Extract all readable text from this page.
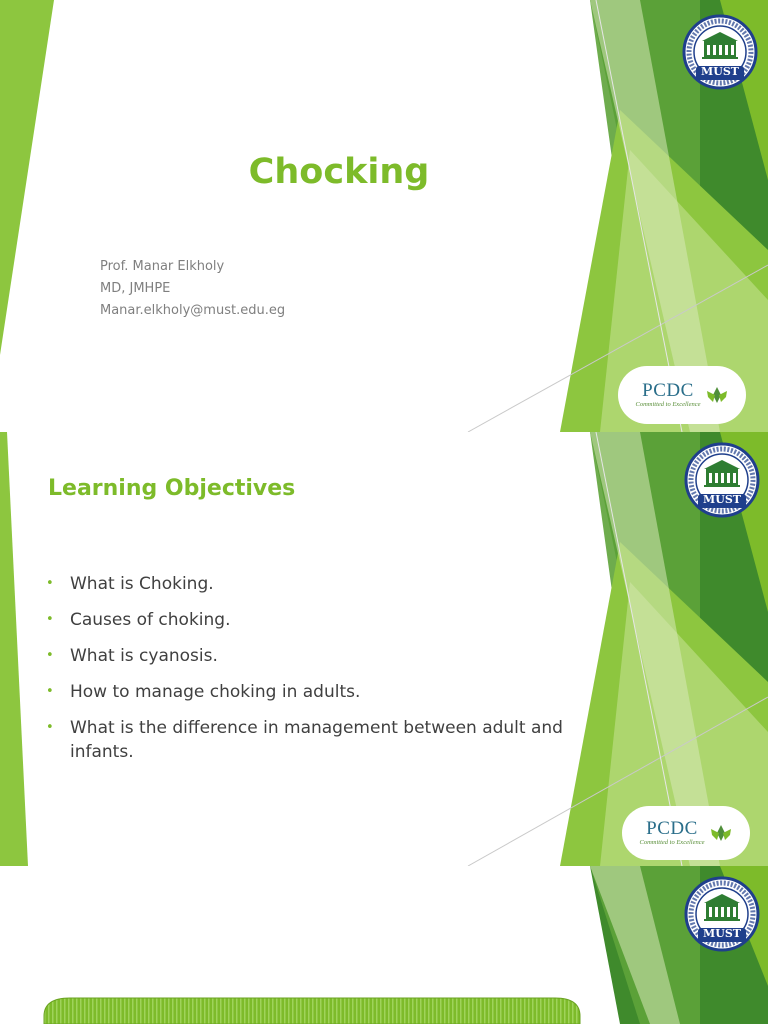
MUST
Chocking
Prof. Manar Elkholy
MD, JMHPE
Manar.elkholy@must.edu.eg
PCDC
Committed to Excellence
MUST
Learning Objectives
• What is Choking.
• Causes of choking.
• What is cyanosis.
• How to manage choking in adults.
• What is the difference in management between adult and infants.
PCDC
Committed to Excellence
MUST
